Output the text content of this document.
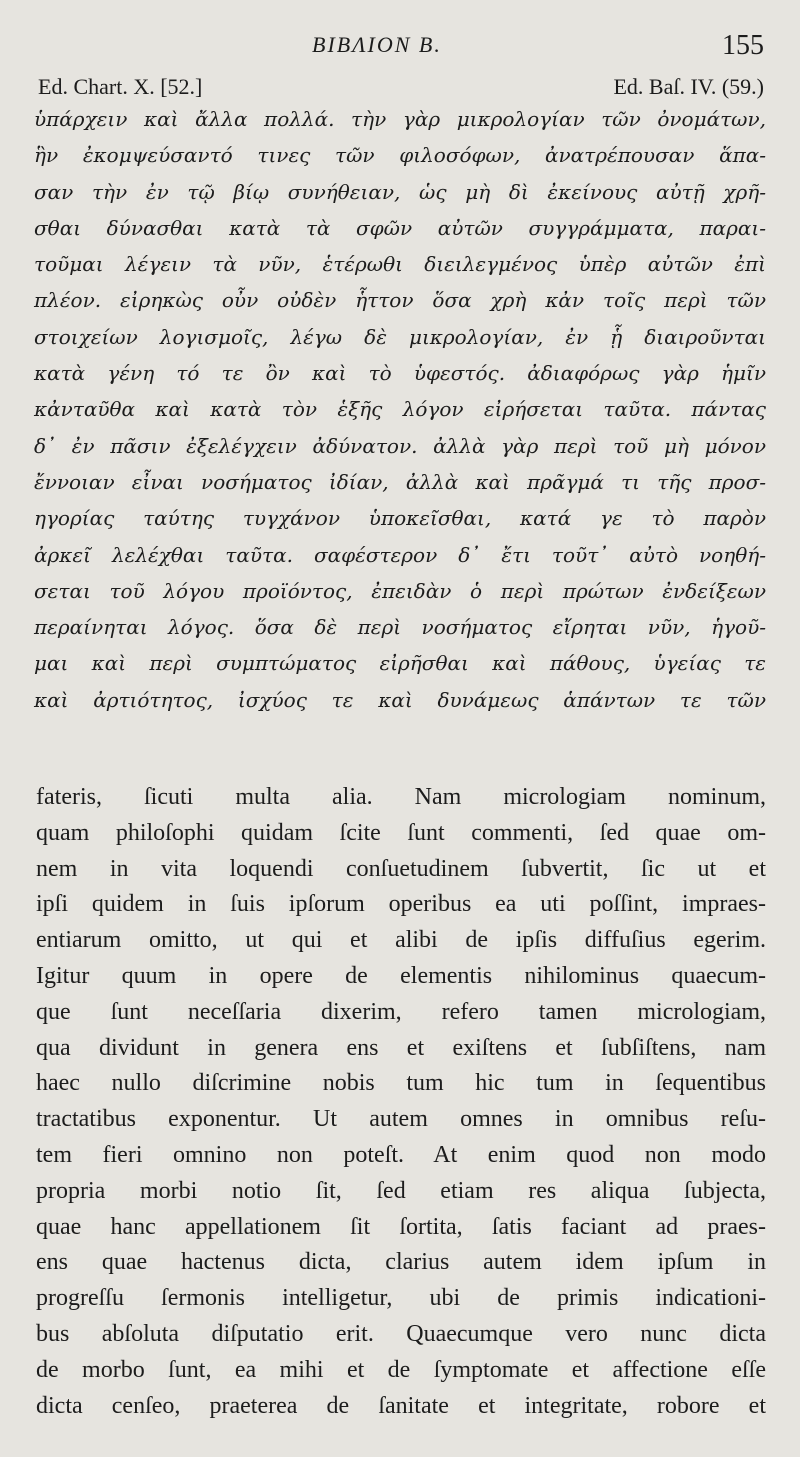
BIBΛION B.	155
Ed. Chart. X. [52.]	Ed. Baſ. IV. (59.)
ὑπάρχειν καὶ ἄλλα πολλά. τὴν γὰρ μικρολογίαν τῶν ὀνομάτων,
ἣν ἐκομψεύσαντό τινες τῶν φιλοσόφων, ἀνατρέπουσαν ἅπα-
σαν τὴν ἐν τῷ βίῳ συνήθειαν, ὡς μὴ δὶ ἐκείνους αὐτῇ χρῆ-
σθαι δύνασθαι κατὰ τὰ σφῶν αὐτῶν συγγράμματα, παραι-
τοῦμαι λέγειν τὰ νῦν, ἑτέρωθι διειλεγμένος ὑπὲρ αὐτῶν ἐπὶ
πλέον. εἰρηκὼς οὖν οὐδὲν ἧττον ὅσα χρὴ κἀν τοῖς περὶ τῶν
στοιχείων λογισμοῖς, λέγω δὲ μικρολογίαν, ἐν ᾗ διαιροῦνται
κατὰ γένη τό τε ὂν καὶ τὸ ὑφεστός. ἀδιαφόρως γὰρ ἡμῖν
κἀνταῦθα καὶ κατὰ τὸν ἑξῆς λόγον εἰρήσεται ταῦτα. πάντας
δ᾽ ἐν πᾶσιν ἐξελέγχειν ἀδύνατον. ἀλλὰ γὰρ περὶ τοῦ μὴ μόνον
ἔννοιαν εἶναι νοσήματος ἰδίαν, ἀλλὰ καὶ πρᾶγμά τι τῆς προσ-
ηγορίας ταύτης τυγχάνον ὑποκεῖσθαι, κατά γε τὸ παρὸν
ἀρκεῖ λελέχθαι ταῦτα. σαφέστερον δ᾽ ἔτι τοῦτ᾽ αὐτὸ νοηθή-
σεται τοῦ λόγου προϊόντος, ἐπειδὰν ὁ περὶ πρώτων ἐνδείξεων
περαίνηται λόγος. ὅσα δὲ περὶ νοσήματος εἴρηται νῦν, ἡγοῦ-
μαι καὶ περὶ συμπτώματος εἰρῆσθαι καὶ πάθους, ὑγείας τε
καὶ ἀρτιότητος, ἰσχύος τε καὶ δυνάμεως ἁπάντων τε τῶν
fateris, ſicuti multa alia. Nam micrologiam nominum,
quam philoſophi quidam ſcite ſunt commenti, ſed quae om-
nem in vita loquendi conſuetudinem ſubvertit, ſic ut et
ipſi quidem in ſuis ipſorum operibus ea uti poſſint, impraes-
entiarum omitto, ut qui et alibi de ipſis diffuſius egerim.
Igitur quum in opere de elementis nihilominus quaecum-
que ſunt neceſſaria dixerim, refero tamen micrologiam,
qua dividunt in genera ens et exiſtens et ſubſiſtens, nam
haec nullo diſcrimine nobis tum hic tum in ſequentibus
tractatibus exponentur. Ut autem omnes in omnibus reſu-
tem fieri omnino non poteſt. At enim quod non modo
propria morbi notio ſit, ſed etiam res aliqua ſubjecta,
quae hanc appellationem ſit ſortita, ſatis faciant ad praes-
ens quae hactenus dicta, clarius autem idem ipſum in
progreſſu ſermonis intelligetur, ubi de primis indicationi-
bus abſoluta diſputatio erit. Quaecumque vero nunc dicta
de morbo ſunt, ea mihi et de ſymptomate et affectione eſſe
dicta cenſeo, praeterea de ſanitate et integritate, robore et
